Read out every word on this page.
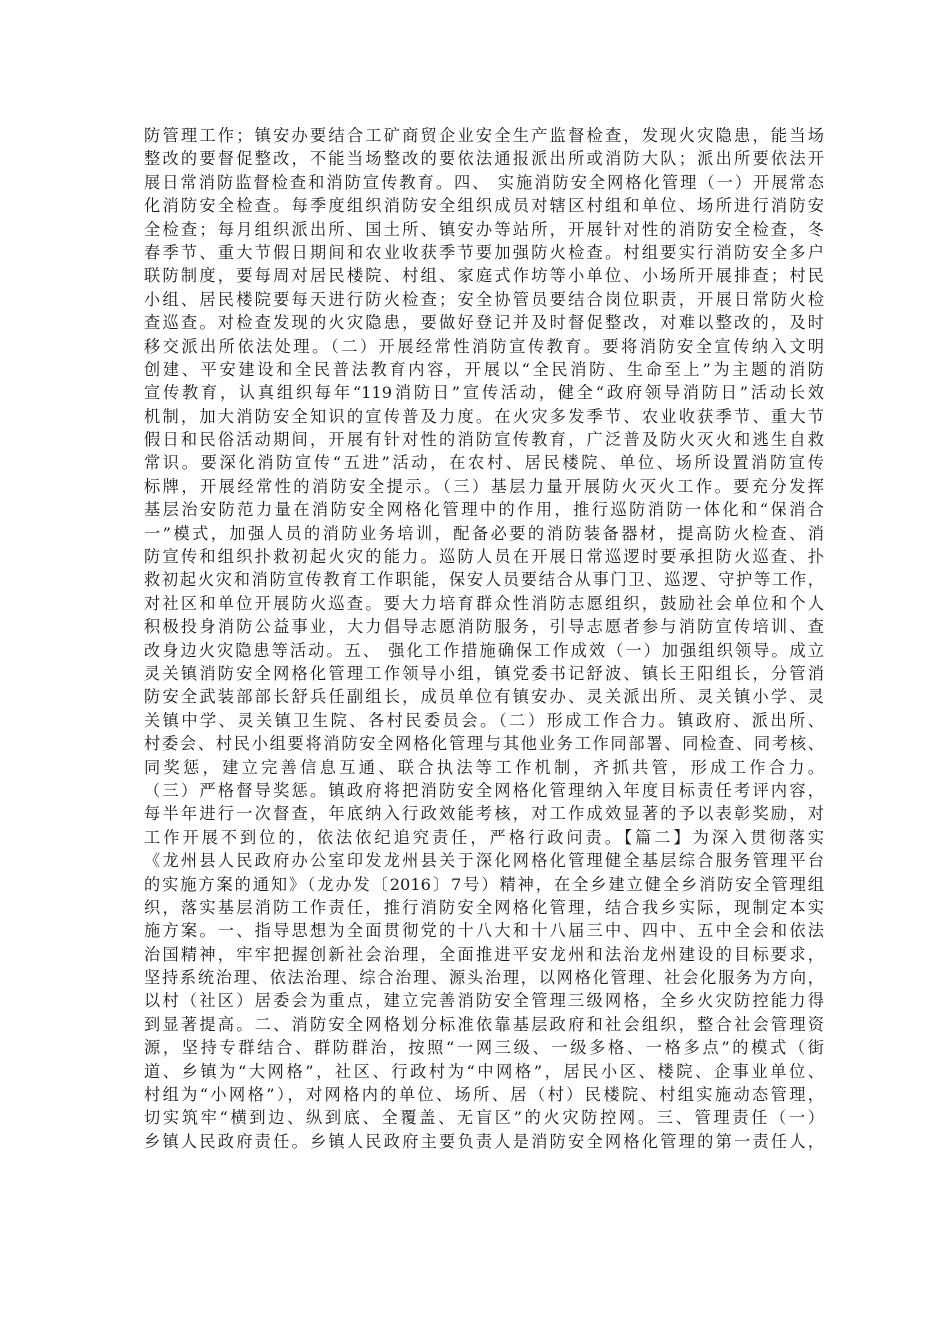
防管理工作；镇安办要结合工矿商贸企业安全生产监督检查，发现火灾隐患，能当场
整改的要督促整改，不能当场整改的要依法通报派出所或消防大队；派出所要依法开
展日常消防监督检查和消防宣传教育。四、 实施消防安全网格化管理（一）开展常态
化消防安全检查。每季度组织消防安全组织成员对辖区村组和单位、场所进行消防安
全检查；每月组织派出所、国土所、镇安办等站所，开展针对性的消防安全检查，冬
春季节、重大节假日期间和农业收获季节要加强防火检查。村组要实行消防安全多户
联防制度，要每周对居民楼院、村组、家庭式作坊等小单位、小场所开展排查；村民
小组、居民楼院要每天进行防火检查；安全协管员要结合岗位职责，开展日常防火检
查巡查。对检查发现的火灾隐患，要做好登记并及时督促整改，对难以整改的，及时
移交派出所依法处理。（二）开展经常性消防宣传教育。要将消防安全宣传纳入文明
创建、平安建设和全民普法教育内容，开展以“全民消防、生命至上”为主题的消防
宣传教育，认真组织每年“119消防日”宣传活动，健全“政府领导消防日”活动长效
机制，加大消防安全知识的宣传普及力度。在火灾多发季节、农业收获季节、重大节
假日和民俗活动期间，开展有针对性的消防宣传教育，广泛普及防火灭火和逃生自救
常识。要深化消防宣传“五进”活动，在农村、居民楼院、单位、场所设置消防宣传
标牌，开展经常性的消防安全提示。（三）基层力量开展防火灭火工作。要充分发挥
基层治安防范力量在消防安全网格化管理中的作用，推行巡防消防一体化和“保消合
一”模式，加强人员的消防业务培训，配备必要的消防装备器材，提高防火检查、消
防宣传和组织扑救初起火灾的能力。巡防人员在开展日常巡逻时要承担防火巡查、扑
救初起火灾和消防宣传教育工作职能，保安人员要结合从事门卫、巡逻、守护等工作，
对社区和单位开展防火巡查。要大力培育群众性消防志愿组织，鼓励社会单位和个人
积极投身消防公益事业，大力倡导志愿消防服务，引导志愿者参与消防宣传培训、查
改身边火灾隐患等活动。五、 强化工作措施确保工作成效（一）加强组织领导。成立
灵关镇消防安全网格化管理工作领导小组，镇党委书记舒波、镇长王阳组长，分管消
防安全武装部部长舒兵任副组长，成员单位有镇安办、灵关派出所、灵关镇小学、灵
关镇中学、灵关镇卫生院、各村民委员会。（二）形成工作合力。镇政府、派出所、
村委会、村民小组要将消防安全网格化管理与其他业务工作同部署、同检查、同考核、
同奖惩，建立完善信息互通、联合执法等工作机制，齐抓共管，形成工作合力。
（三）严格督导奖惩。镇政府将把消防安全网格化管理纳入年度目标责任考评内容，
每半年进行一次督查，年底纳入行政效能考核，对工作成效显著的予以表彰奖励，对
工作开展不到位的，依法依纪追究责任，严格行政问责。【篇二】为深入贯彻落实
《龙州县人民政府办公室印发龙州县关于深化网格化管理健全基层综合服务管理平台
的实施方案的通知》（龙办发〔2016〕7号）精神，在全乡建立健全乡消防安全管理组
织，落实基层消防工作责任，推行消防安全网格化管理，结合我乡实际，现制定本实
施方案。一、指导思想为全面贯彻党的十八大和十八届三中、四中、五中全会和依法
治国精神，牢牢把握创新社会治理，全面推进平安龙州和法治龙州建设的目标要求，
坚持系统治理、依法治理、综合治理、源头治理，以网格化管理、社会化服务为方向，
以村（社区）居委会为重点，建立完善消防安全管理三级网格，全乡火灾防控能力得
到显著提高。二、消防安全网格划分标准依靠基层政府和社会组织，整合社会管理资
源，坚持专群结合、群防群治，按照“一网三级、一级多格、一格多点”的模式（街
道、乡镇为“大网格”，社区、行政村为“中网格”，居民小区、楼院、企事业单位、
村组为“小网格”），对网格内的单位、场所、居（村）民楼院、村组实施动态管理，
切实筑牢“横到边、纵到底、全覆盖、无盲区”的火灾防控网。三、管理责任（一）
乡镇人民政府责任。乡镇人民政府主要负责人是消防安全网格化管理的第一责任人，
